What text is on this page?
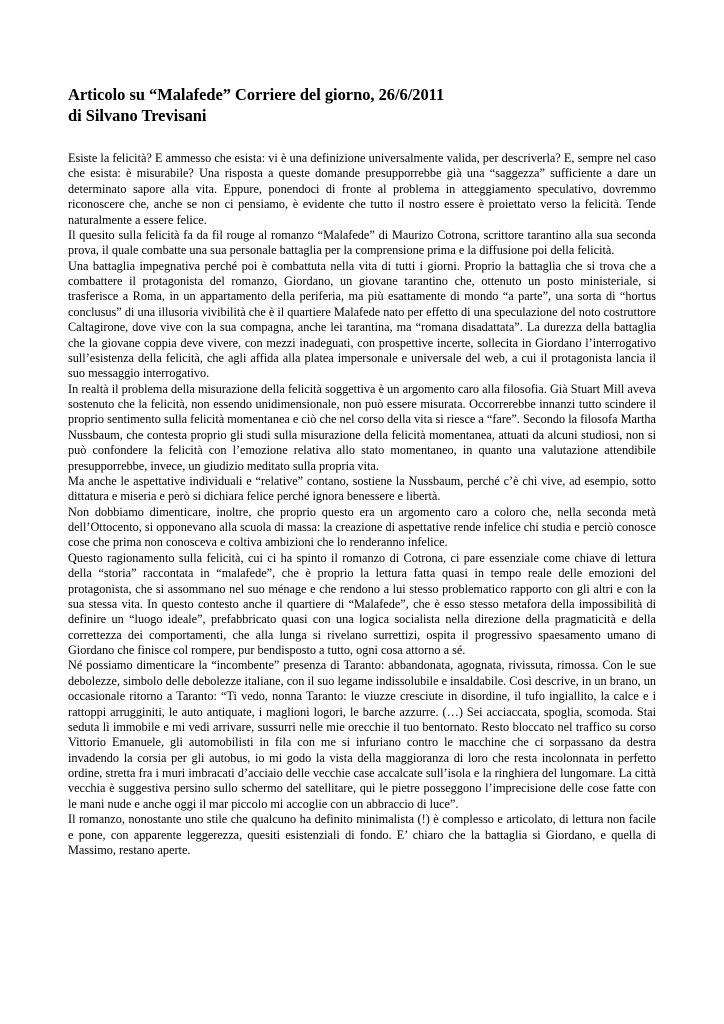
Articolo su “Malafede” Corriere del giorno, 26/6/2011
di Silvano Trevisani

Esiste la felicità? E ammesso che esista: vi è una definizione universalmente valida, per descriverla? E, sempre nel caso che esista: è misurabile? Una risposta a queste domande presupporrebbe già una “saggezza” sufficiente a dare un determinato sapore alla vita. Eppure, ponendoci di fronte al problema in atteggiamento speculativo, dovremmo riconoscere che, anche se non ci pensiamo, è evidente che tutto il nostro essere è proiettato verso la felicità. Tende naturalmente a essere felice.

Il quesito sulla felicità fa da fil rouge al romanzo “Malafede” di Maurizo Cotrona, scrittore tarantino alla sua seconda prova, il quale combatte una sua personale battaglia per la comprensione prima e la diffusione poi della felicità.

Una battaglia impegnativa perché poi è combattuta nella vita di tutti i giorni. Proprio la battaglia che si trova che a combattere il protagonista del romanzo, Giordano, un giovane tarantino che, ottenuto un posto ministeriale, si trasferisce a Roma, in un appartamento della periferia, ma più esattamente di mondo “a parte”, una sorta di “hortus conclusus” di una illusoria vivibilità che è il quartiere Malafede nato per effetto di una speculazione del noto costruttore Caltagirone, dove vive con la sua compagna, anche lei tarantina, ma “romana disadattata”. La durezza della battaglia che la giovane coppia deve vivere, con mezzi inadeguati, con prospettive incerte, sollecita in Giordano l’interrogativo sull’esistenza della felicità, che agli affida alla platea impersonale e universale del web, a cui il protagonista lancia il suo messaggio interrogativo.

In realtà il problema della misurazione della felicità soggettiva è un argomento caro alla filosofia. Già Stuart Mill aveva sostenuto che la felicità, non essendo unidimensionale, non può essere misurata. Occorrerebbe innanzi tutto scindere il proprio sentimento sulla felicità momentanea e ciò che nel corso della vita si riesce a “fare”. Secondo la filosofa Martha Nussbaum, che contesta proprio gli studi sulla misurazione della felicità momentanea, attuati da alcuni studiosi, non si può confondere la felicità con l’emozione relativa allo stato momentaneo, in quanto una valutazione attendibile presupporrebbe, invece, un giudizio meditato sulla propria vita.

Ma anche le aspettative individuali e “relative” contano, sostiene la Nussbaum, perché c’è chi vive, ad esempio, sotto dittatura e miseria e però si dichiara felice perché ignora benessere e libertà.

Non dobbiamo dimenticare, inoltre, che proprio questo era un argomento caro a coloro che, nella seconda metà dell’Ottocento, si opponevano alla scuola di massa: la creazione di aspettative rende infelice chi studia e perciò conosce cose che prima non conosceva e coltiva ambizioni che lo renderanno infelice.

Questo ragionamento sulla felicità, cui ci ha spinto il romanzo di Cotrona, ci pare essenziale come chiave di lettura della “storia” raccontata in “malafede”, che è proprio la lettura fatta quasi in tempo reale delle emozioni del protagonista, che si assommano nel suo ménage e che rendono a lui stesso problematico rapporto con gli altri e con la sua stessa vita. In questo contesto anche il quartiere di “Malafede”, che è esso stesso metafora della impossibilità di definire un “luogo ideale”, prefabbricato quasi con una logica socialista nella direzione della pragmaticità e della correttezza dei comportamenti, che alla lunga si rivelano surrettizi, ospita il progressivo spaesamento umano di Giordano che finisce col romperе, pur bendisposto a tutto, ogni cosa attorno a sé.

Né possiamo dimenticare la “incombente” presenza di Taranto: abbandonata, agognata, rivissuta, rimossa. Con le sue debolezze, simbolo delle debolezze italiane, con il suo legame indissolubile e insaldabile. Così descrive, in un brano, un occasionale ritorno a Taranto: “Ti vedo, nonna Taranto: le viuzze cresciute in disordine, il tufo ingiallito, la calce e i rattoppi arrugginiti, le auto antiquate, i maglioni logori, le barche azzurre. (…) Sei acciaccata, spoglia, scomoda. Stai seduta lì immobile e mi vedi arrivare, sussurri nelle mie orecchie il tuo bentornato. Resto bloccato nel traffico su corso Vittorio Emanuele, gli automobilisti in fila con me si infuriano contro le macchine che ci sorpassano da destra invadendo la corsia per gli autobus, io mi godo la vista della maggioranza di loro che resta incolonnata in perfetto ordine, stretta fra i muri imbracati d’acciaio delle vecchie case accalcate sull’isola e la ringhiera del lungomare. La città vecchia è suggestiva persino sullo schermo del satellitare, qui le pietre posseggono l’imprecisione delle cose fatte con le mani nude e anche oggi il mar piccolo mi accoglie con un abbraccio di luce”.

Il romanzo, nonostante uno stile che qualcuno ha definito minimalista (!) è complesso e articolato, di lettura non facile e pone, con apparente leggerezza, quesiti esistenziali di fondo. E’ chiaro che la battaglia si Giordano, e quella di Massimo, restano aperte.
